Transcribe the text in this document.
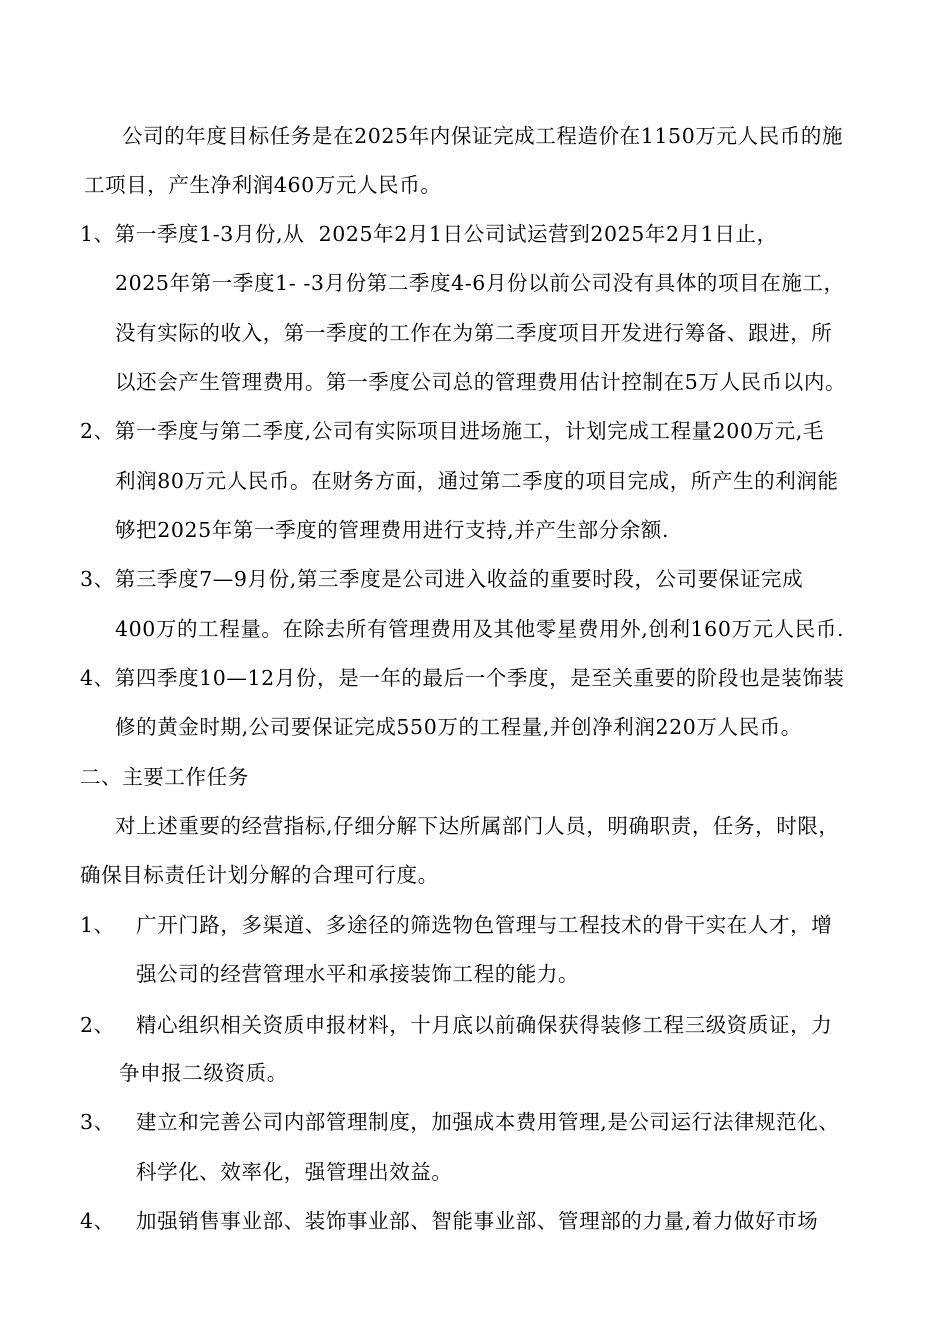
公司的年度目标任务是在2025年内保证完成工程造价在1150万元人民币的施
工项目，产生净利润460万元人民币。
1、第一季度1-3月份,从  2025年2月1日公司试运营到2025年2月1日止，
2025年第一季度1- -3月份第二季度4-6月份以前公司没有具体的项目在施工，
没有实际的收入，第一季度的工作在为第二季度项目开发进行筹备、跟进，所
以还会产生管理费用。第一季度公司总的管理费用估计控制在5万人民币以内。
2、第一季度与第二季度,公司有实际项目进场施工，计划完成工程量200万元,毛
利润80万元人民币。在财务方面，通过第二季度的项目完成，所产生的利润能
够把2025年第一季度的管理费用进行支持,并产生部分余额.
3、第三季度7—9月份,第三季度是公司进入收益的重要时段，公司要保证完成
400万的工程量。在除去所有管理费用及其他零星费用外,创利160万元人民币.
4、第四季度10—12月份，是一年的最后一个季度，是至关重要的阶段也是装饰装
修的黄金时期,公司要保证完成550万的工程量,并创净利润220万人民币。
二、主要工作任务
对上述重要的经营指标,仔细分解下达所属部门人员，明确职责，任务，时限，
确保目标责任计划分解的合理可行度。
1、 广开门路，多渠道、多途径的筛选物色管理与工程技术的骨干实在人才，增
强公司的经营管理水平和承接装饰工程的能力。
2、 精心组织相关资质申报材料，十月底以前确保获得装修工程三级资质证，力
争申报二级资质。
3、 建立和完善公司内部管理制度，加强成本费用管理,是公司运行法律规范化、
科学化、效率化，强管理出效益。
4、 加强销售事业部、装饰事业部、智能事业部、管理部的力量,着力做好市场
